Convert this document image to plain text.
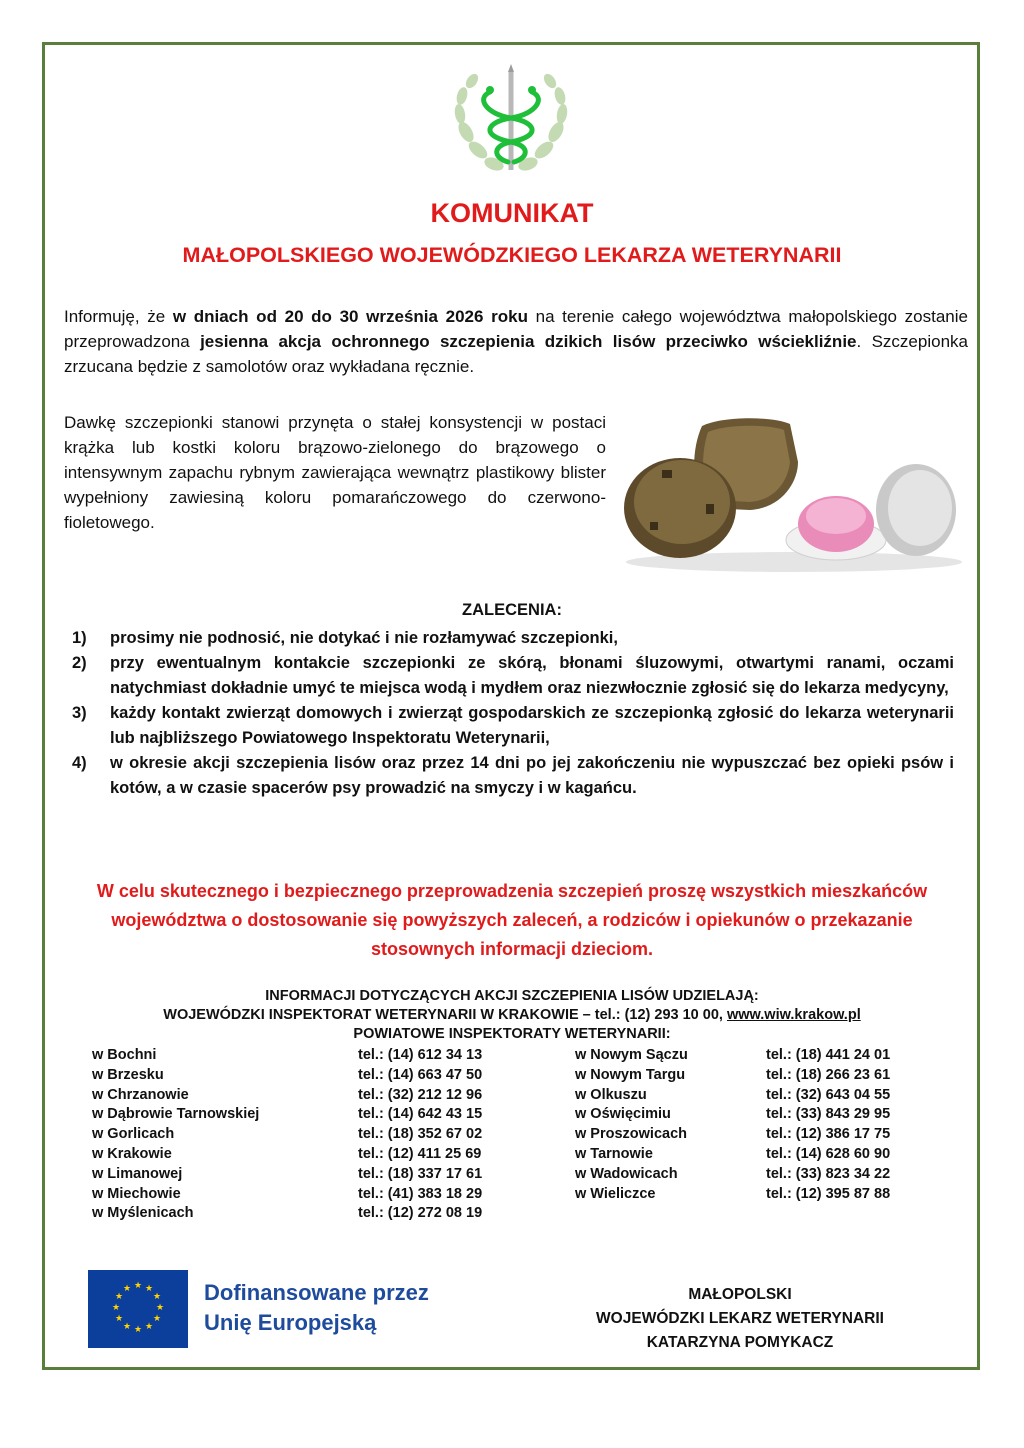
KOMUNIKAT
MAŁOPOLSKIEGO WOJEWÓDZKIEGO LEKARZA WETERYNARII

Informuję, że w dniach od 20 do 30 września 2026 roku na terenie całego województwa małopolskiego zostanie przeprowadzona jesienna akcja ochronnego szczepienia dzikich lisów przeciwko wściekliźnie. Szczepionka zrzucana będzie z samolotów oraz wykładana ręcznie.

Dawkę szczepionki stanowi przynęta o stałej konsystencji w postaci krążka lub kostki koloru brązowo-zielonego do brązowego o intensywnym zapachu rybnym zawierająca wewnątrz plastikowy blister wypełniony zawiesiną koloru pomarańczowego do czerwono-fioletowego.

ZALECENIA:
1) prosimy nie podnosić, nie dotykać i nie rozłamywać szczepionki,
2) przy ewentualnym kontakcie szczepionki ze skórą, błonami śluzowymi, otwartymi ranami, oczami natychmiast dokładnie umyć te miejsca wodą i mydłem oraz niezwłocznie zgłosić się do lekarza medycyny,
3) każdy kontakt zwierząt domowych i zwierząt gospodarskich ze szczepionką zgłosić do lekarza weterynarii lub najbliższego Powiatowego Inspektoratu Weterynarii,
4) w okresie akcji szczepienia lisów oraz przez 14 dni po jej zakończeniu nie wypuszczać bez opieki psów i kotów, a w czasie spacerów psy prowadzić na smyczy i w kagańcu.

W celu skutecznego i bezpiecznego przeprowadzenia szczepień proszę wszystkich mieszkańców województwa o dostosowanie się powyższych zaleceń, a rodziców i opiekunów o przekazanie stosownych informacji dzieciom.

INFORMACJI DOTYCZĄCYCH AKCJI SZCZEPIENIA LISÓW UDZIELAJĄ:
WOJEWÓDZKI INSPEKTORAT WETERYNARII W KRAKOWIE – tel.: (12) 293 10 00, www.wiw.krakow.pl
POWIATOWE INSPEKTORATY WETERYNARII:
w Bochni	tel.: (14) 612 34 13	w Nowym Sączu	tel.: (18) 441 24 01
w Brzesku	tel.: (14) 663 47 50	w Nowym Targu	tel.: (18) 266 23 61
w Chrzanowie	tel.: (32) 212 12 96	w Olkuszu	tel.: (32) 643 04 55
w Dąbrowie Tarnowskiej	tel.: (14) 642 43 15	w Oświęcimiu	tel.: (33) 843 29 95
w Gorlicach	tel.: (18) 352 67 02	w Proszowicach	tel.: (12) 386 17 75
w Krakowie	tel.: (12) 411 25 69	w Tarnowie	tel.: (14) 628 60 90
w Limanowej	tel.: (18) 337 17 61	w Wadowicach	tel.: (33) 823 34 22
w Miechowie	tel.: (41) 383 18 29	w Wieliczce	tel.: (12) 395 87 88
w Myślenicach	tel.: (12) 272 08 19		
★ ★
★
★
★
★
★
★
★
★
★
★	Dofinansowane przez
Unię Europejską
MAŁOPOLSKI
WOJEWÓDZKI LEKARZ WETERYNARII
KATARZYNA POMYKACZ
